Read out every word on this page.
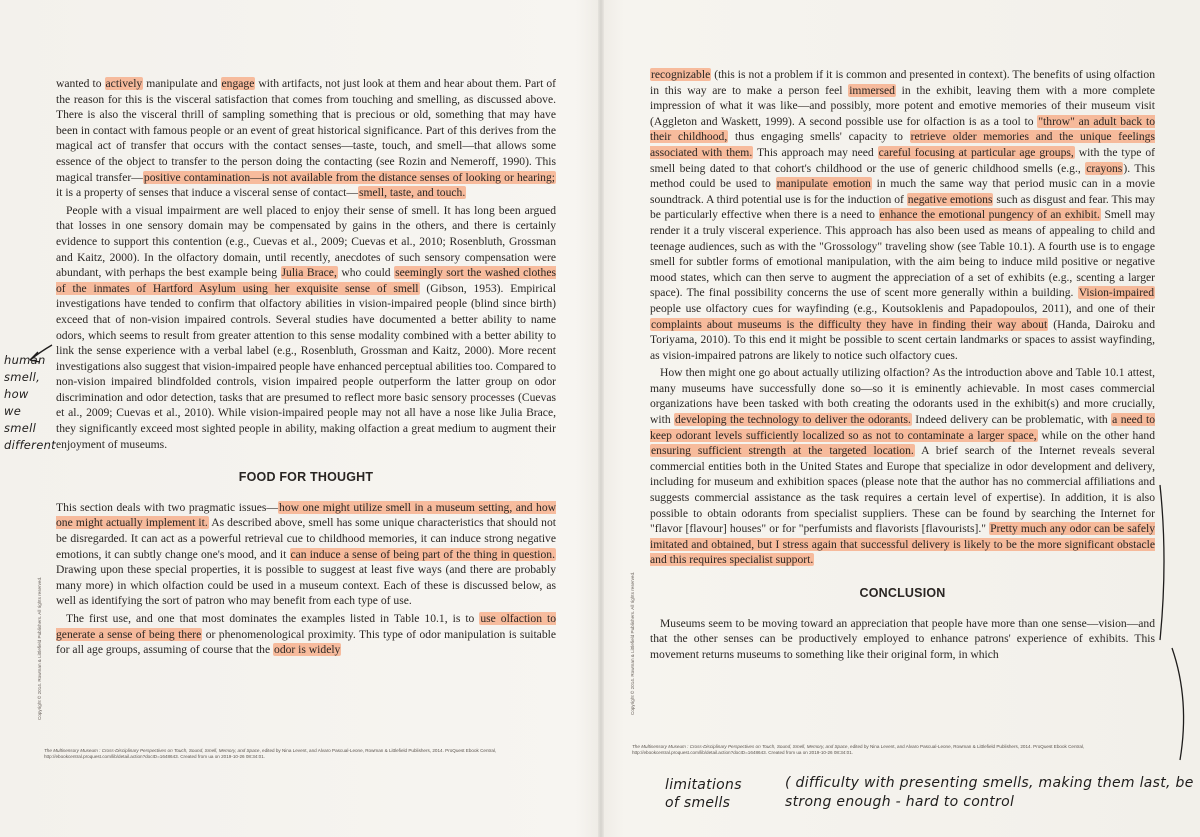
wanted to actively manipulate and engage with artifacts, not just look at them and hear about them. Part of the reason for this is the visceral satisfaction that comes from touching and smelling, as discussed above. There is also the visceral thrill of sampling something that is precious or old, something that may have been in contact with famous people or an event of great historical significance. Part of this derives from the magical act of transfer that occurs with the contact senses—taste, touch, and smell—that allows some essence of the object to transfer to the person doing the contacting (see Rozin and Nemeroff, 1990). This magical transfer—positive contamination—is not available from the distance senses of looking or hearing; it is a property of senses that induce a visceral sense of contact—smell, taste, and touch.

People with a visual impairment are well placed to enjoy their sense of smell. It has long been argued that losses in one sensory domain may be compensated by gains in the others, and there is certainly evidence to support this contention (e.g., Cuevas et al., 2009; Cuevas et al., 2010; Rosenbluth, Grossman and Kaitz, 2000). In the olfactory domain, until recently, anecdotes of such sensory compensation were abundant, with perhaps the best example being Julia Brace, who could seemingly sort the washed clothes of the inmates of Hartford Asylum using her exquisite sense of smell (Gibson, 1953). Empirical investigations have tended to confirm that olfactory abilities in vision-impaired people (blind since birth) exceed that of non-vision impaired controls. Several studies have documented a better ability to name odors, which seems to result from greater attention to this sense modality combined with a better ability to link the sense experience with a verbal label (e.g., Rosenbluth, Grossman and Kaitz, 2000). More recent investigations also suggest that vision-impaired people have enhanced perceptual abilities too. Compared to non-vision impaired blindfolded controls, vision impaired people outperform the latter group on odor discrimination and odor detection, tasks that are presumed to reflect more basic sensory processes (Cuevas et al., 2009; Cuevas et al., 2010). While vision-impaired people may not all have a nose like Julia Brace, they significantly exceed most sighted people in ability, making olfaction a great medium to augment their enjoyment of museums.

FOOD FOR THOUGHT

This section deals with two pragmatic issues—how one might utilize smell in a museum setting, and how one might actually implement it. As described above, smell has some unique characteristics that should not be disregarded. It can act as a powerful retrieval cue to childhood memories, it can induce strong negative emotions, it can subtly change one's mood, and it can induce a sense of being part of the thing in question. Drawing upon these special properties, it is possible to suggest at least five ways (and there are probably many more) in which olfaction could be used in a museum context. Each of these is discussed below, as well as identifying the sort of patron who may benefit from each type of use.

The first use, and one that most dominates the examples listed in Table 10.1, is to use olfaction to generate a sense of being there or phenomenological proximity. This type of odor manipulation is suitable for all age groups, assuming of course that the odor is widely

Copyright © 2014. Rowman & Littlefield Publishers. All rights reserved.
The Multisensory Museum : Cross-Disciplinary Perspectives on Touch, Sound, Smell, Memory, and Space, edited by Nina Levent, and Alvaro Pascual-Leone, Rowman & Littlefield Publishers, 2014. ProQuest Ebook Central, http://ebookcentral.proquest.com/lib/detail.action?docID=1648643. Created from ua on 2019-10-26 08:34:01.
human smell, how we smell different

recognizable (this is not a problem if it is common and presented in context). The benefits of using olfaction in this way are to make a person feel immersed in the exhibit, leaving them with a more complete impression of what it was like—and possibly, more potent and emotive memories of their museum visit (Aggleton and Waskett, 1999). A second possible use for olfaction is as a tool to "throw" an adult back to their childhood, thus engaging smells' capacity to retrieve older memories and the unique feelings associated with them. This approach may need careful focusing at particular age groups, with the type of smell being dated to that cohort's childhood or the use of generic childhood smells (e.g., crayons). This method could be used to manipulate emotion in much the same way that period music can in a movie soundtrack. A third potential use is for the induction of negative emotions such as disgust and fear. This may be particularly effective when there is a need to enhance the emotional pungency of an exhibit. Smell may render it a truly visceral experience. This approach has also been used as means of appealing to child and teenage audiences, such as with the "Grossology" traveling show (see Table 10.1). A fourth use is to engage smell for subtler forms of emotional manipulation, with the aim being to induce mild positive or negative mood states, which can then serve to augment the appreciation of a set of exhibits (e.g., scenting a larger space). The final possibility concerns the use of scent more generally within a building. Vision-impaired people use olfactory cues for wayfinding (e.g., Koutsoklenis and Papadopoulos, 2011), and one of their complaints about museums is the difficulty they have in finding their way about (Handa, Dairoku and Toriyama, 2010). To this end it might be possible to scent certain landmarks or spaces to assist wayfinding, as vision-impaired patrons are likely to notice such olfactory cues.

How then might one go about actually utilizing olfaction? As the introduction above and Table 10.1 attest, many museums have successfully done so—so it is eminently achievable. In most cases commercial organizations have been tasked with both creating the odorants used in the exhibit(s) and more crucially, with developing the technology to deliver the odorants. Indeed delivery can be problematic, with a need to keep odorant levels sufficiently localized so as not to contaminate a larger space, while on the other hand ensuring sufficient strength at the targeted location. A brief search of the Internet reveals several commercial entities both in the United States and Europe that specialize in odor development and delivery, including for museum and exhibition spaces (please note that the author has no commercial affiliations and suggests commercial assistance as the task requires a certain level of expertise). In addition, it is also possible to obtain odorants from specialist suppliers. These can be found by searching the Internet for "flavor [flavour] houses" or for "perfumists and flavorists [flavourists]." Pretty much any odor can be safely imitated and obtained, but I stress again that successful delivery is likely to be the more significant obstacle and this requires specialist support.

CONCLUSION

Museums seem to be moving toward an appreciation that people have more than one sense—vision—and that the other senses can be productively employed to enhance patrons' experience of exhibits. This movement returns museums to something like their original form, in which

Copyright © 2014. Rowman & Littlefield Publishers. All rights reserved.
The Multisensory Museum : Cross-Disciplinary Perspectives on Touch, Sound, Smell, Memory, and Space, edited by Nina Levent, and Alvaro Pascual-Leone, Rowman & Littlefield Publishers, 2014. ProQuest Ebook Central, http://ebookcentral.proquest.com/lib/detail.action?docID=1648643. Created from ua on 2019-10-26 08:34:01.
limitations of smells
( difficulty with presenting smells, making them last, be strong enough - hard to control
